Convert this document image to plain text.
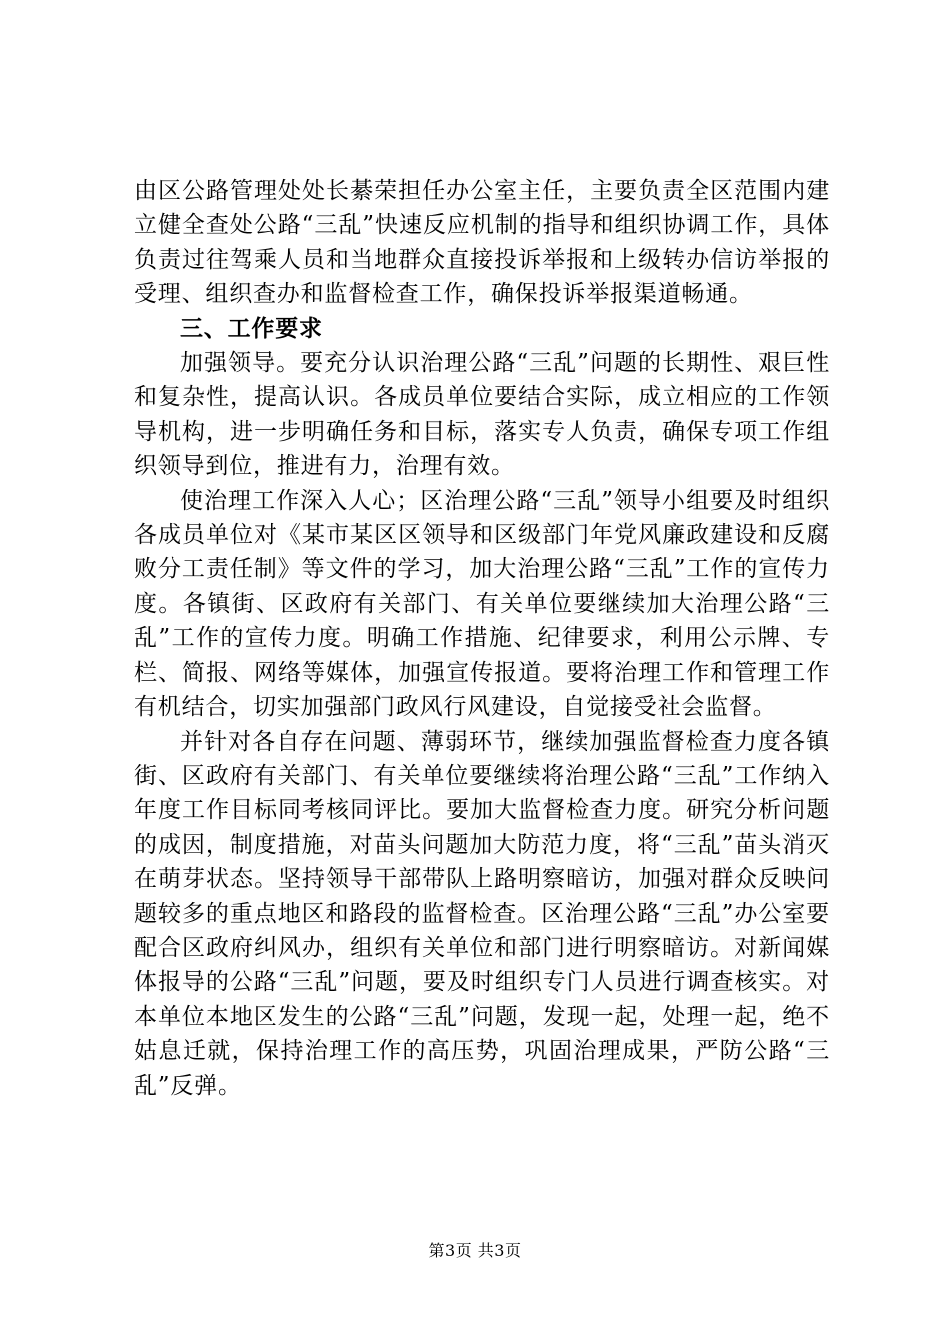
由区公路管理处处长綦荣担任办公室主任，主要负责全区范围内建立健全查处公路“三乱”快速反应机制的指导和组织协调工作，具体负责过往驾乘人员和当地群众直接投诉举报和上级转办信访举报的受理、组织查办和监督检查工作，确保投诉举报渠道畅通。

三、工作要求

加强领导。要充分认识治理公路“三乱”问题的长期性、艰巨性和复杂性，提高认识。各成员单位要结合实际，成立相应的工作领导机构，进一步明确任务和目标，落实专人负责，确保专项工作组织领导到位，推进有力，治理有效。

使治理工作深入人心；区治理公路“三乱”领导小组要及时组织各成员单位对《某市某区区领导和区级部门年党风廉政建设和反腐败分工责任制》等文件的学习，加大治理公路“三乱”工作的宣传力度。各镇街、区政府有关部门、有关单位要继续加大治理公路“三乱”工作的宣传力度。明确工作措施、纪律要求，利用公示牌、专栏、简报、网络等媒体，加强宣传报道。要将治理工作和管理工作有机结合，切实加强部门政风行风建设，自觉接受社会监督。

并针对各自存在问题、薄弱环节，继续加强监督检查力度各镇街、区政府有关部门、有关单位要继续将治理公路“三乱”工作纳入年度工作目标同考核同评比。要加大监督检查力度。研究分析问题的成因，制度措施，对苗头问题加大防范力度，将“三乱”苗头消灭在萌芽状态。坚持领导干部带队上路明察暗访，加强对群众反映问题较多的重点地区和路段的监督检查。区治理公路“三乱”办公室要配合区政府纠风办，组织有关单位和部门进行明察暗访。对新闻媒体报导的公路“三乱”问题，要及时组织专门人员进行调查核实。对本单位本地区发生的公路“三乱”问题，发现一起，处理一起，绝不姑息迁就，保持治理工作的高压势，巩固治理成果，严防公路“三乱”反弹。

第3页 共3页
